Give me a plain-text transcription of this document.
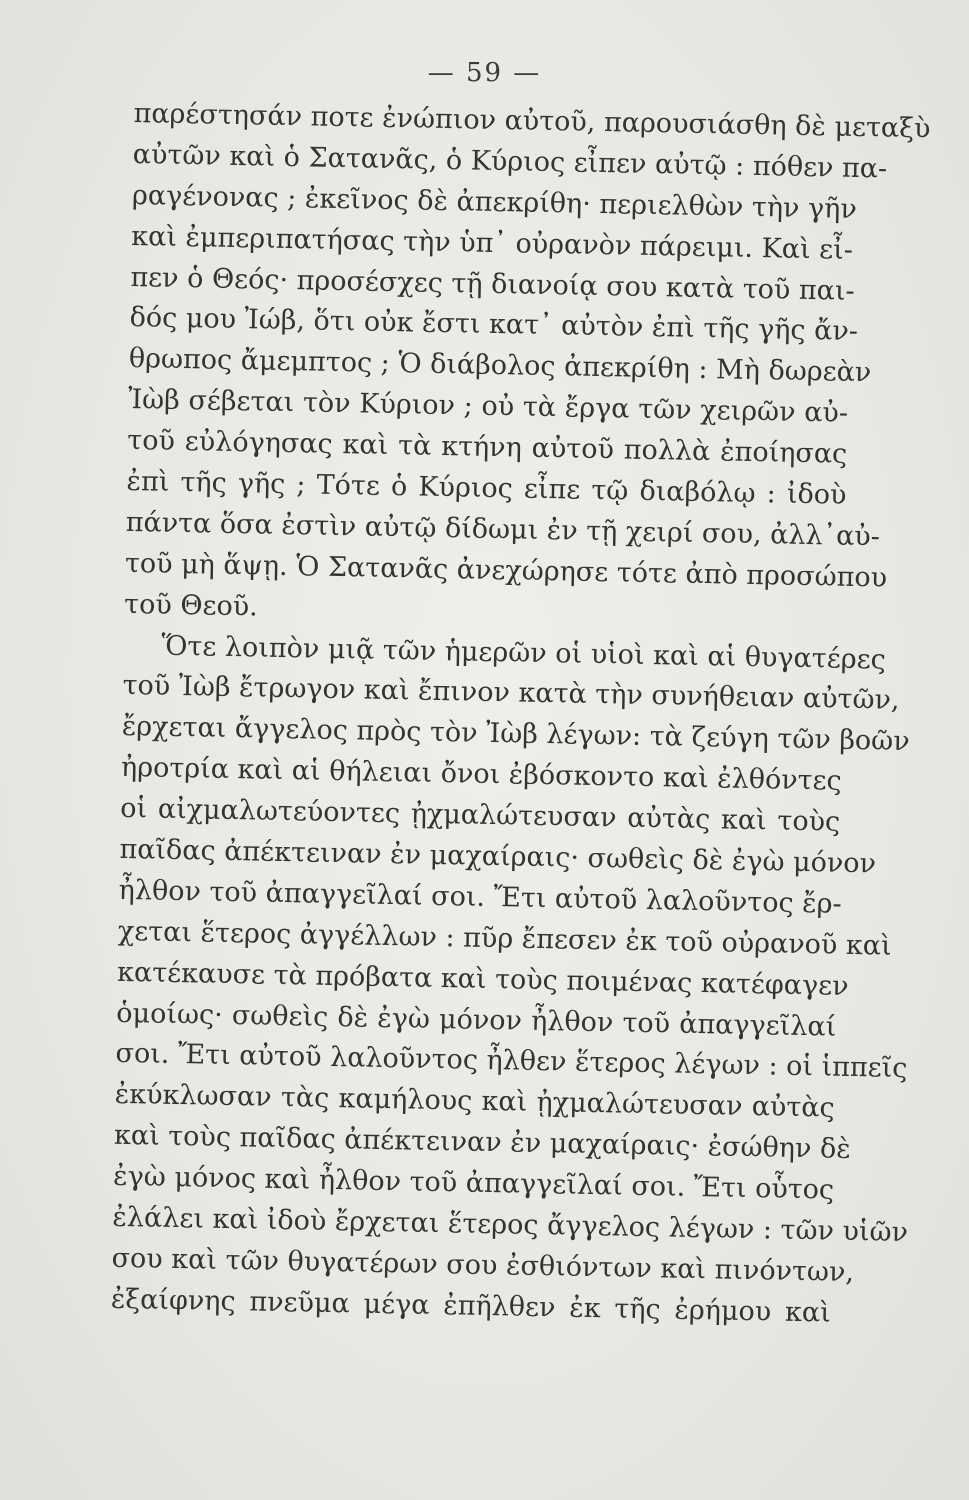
— 59 —
παρέστησάν ποτε ἐνώπιον αὐτοῦ, παρουσιάσθη δὲ μεταξὺ
αὐτῶν καὶ ὁ Σατανᾶς, ὁ Κύριος εἶπεν αὐτῷ : πόθεν πα-
ραγένονας ; ἐκεῖνος δὲ ἀπεκρίθη· περιελθὼν τὴν γῆν
καὶ ἐμπεριπατήσας τὴν ὑπ᾽ οὐρανὸν πάρειμι. Καὶ εἶ-
πεν ὁ Θεός· προσέσχες τῇ διανοίᾳ σου κατὰ τοῦ παι-
δός μου Ἰώβ, ὅτι οὐκ ἔστι κατ᾽ αὐτὸν ἐπὶ τῆς γῆς ἄν-
θρωπος ἄμεμπτος ; Ὁ διάβολος ἀπεκρίθη : Μὴ δωρεὰν
Ἰὼβ σέβεται τὸν Κύριον ; οὐ τὰ ἔργα τῶν χειρῶν αὐ-
τοῦ εὐλόγησας καὶ τὰ κτήνη αὐτοῦ πολλὰ ἐποίησας
ἐπὶ τῆς γῆς ; Τότε ὁ Κύριος εἶπε τῷ διαβόλῳ : ἰδοὺ
πάντα ὅσα ἐστὶν αὐτῷ δίδωμι ἐν τῇ χειρί σου, ἀλλ᾽αὐ-
τοῦ μὴ ἅψῃ. Ὁ Σατανᾶς ἀνεχώρησε τότε ἀπὸ προσώπου
τοῦ Θεοῦ.
Ὅτε λοιπὸν μιᾷ τῶν ἡμερῶν οἱ υἱοὶ καὶ αἱ θυγατέρες
τοῦ Ἰὼβ ἔτρωγον καὶ ἔπινον κατὰ τὴν συνήθειαν αὐτῶν,
ἔρχεται ἄγγελος πρὸς τὸν Ἰὼβ λέγων: τὰ ζεύγη τῶν βοῶν
ἠροτρία καὶ αἱ θήλειαι ὄνοι ἐβόσκοντο καὶ ἐλθόντες
οἱ αἰχμαλωτεύοντες ᾐχμαλώτευσαν αὐτὰς καὶ τοὺς
παῖδας ἀπέκτειναν ἐν μαχαίραις· σωθεὶς δὲ ἐγὼ μόνον
ἦλθον τοῦ ἀπαγγεῖλαί σοι. Ἔτι αὐτοῦ λαλοῦντος ἔρ-
χεται ἕτερος ἀγγέλλων : πῦρ ἔπεσεν ἐκ τοῦ οὐρανοῦ καὶ
κατέκαυσε τὰ πρόβατα καὶ τοὺς ποιμένας κατέφαγεν
ὁμοίως· σωθεὶς δὲ ἐγὼ μόνον ἦλθον τοῦ ἀπαγγεῖλαί
σοι. Ἔτι αὐτοῦ λαλοῦντος ἦλθεν ἕτερος λέγων : οἱ ἱππεῖς
ἐκύκλωσαν τὰς καμήλους καὶ ᾐχμαλώτευσαν αὐτὰς
καὶ τοὺς παῖδας ἀπέκτειναν ἐν μαχαίραις· ἐσώθην δὲ
ἐγὼ μόνος καὶ ἦλθον τοῦ ἀπαγγεῖλαί σοι. Ἔτι οὗτος
ἐλάλει καὶ ἰδοὺ ἔρχεται ἕτερος ἄγγελος λέγων : τῶν υἱῶν
σου καὶ τῶν θυγατέρων σου ἐσθιόντων καὶ πινόντων,
ἐξαίφνης πνεῦμα μέγα ἐπῆλθεν ἐκ τῆς ἐρήμου καὶ
